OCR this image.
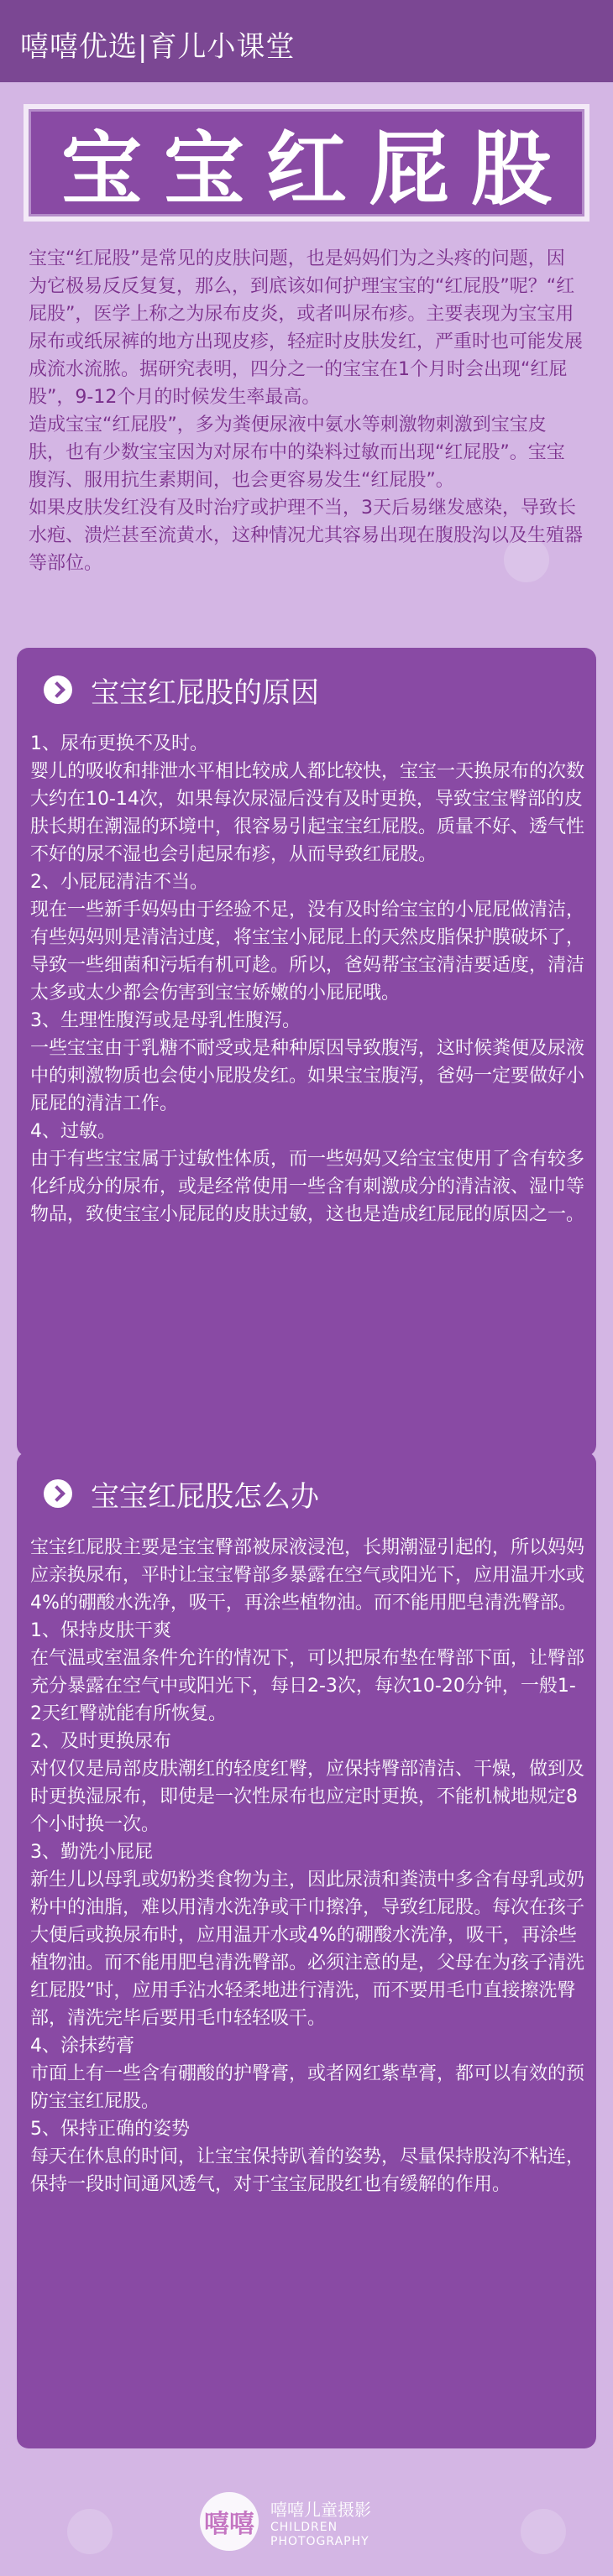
嘻嘻优选|育儿小课堂
宝宝红屁股

宝宝“红屁股”是常见的皮肤问题，也是妈妈们为之头疼的问题，因为它极易反反复复，那么，到底该如何护理宝宝的“红屁股”呢？“红屁股”，医学上称之为尿布皮炎，或者叫尿布疹。主要表现为宝宝用尿布或纸尿裤的地方出现皮疹，轻症时皮肤发红，严重时也可能发展成流水流脓。据研究表明，四分之一的宝宝在1个月时会出现“红屁股”，9-12个月的时候发生率最高。

造成宝宝“红屁股”，多为粪便尿液中氨水等刺激物刺激到宝宝皮肤，也有少数宝宝因为对尿布中的染料过敏而出现“红屁股”。宝宝腹泻、服用抗生素期间，也会更容易发生“红屁股”。

如果皮肤发红没有及时治疗或护理不当，3天后易继发感染，导致长水疱、溃烂甚至流黄水，这种情况尤其容易出现在腹股沟以及生殖器等部位。

宝宝红屁股的原因

1、尿布更换不及时。

婴儿的吸收和排泄水平相比较成人都比较快，宝宝一天换尿布的次数大约在10-14次，如果每次尿湿后没有及时更换，导致宝宝臀部的皮肤长期在潮湿的环境中，很容易引起宝宝红屁股。质量不好、透气性不好的尿不湿也会引起尿布疹，从而导致红屁股。

2、小屁屁清洁不当。

现在一些新手妈妈由于经验不足，没有及时给宝宝的小屁屁做清洁，有些妈妈则是清洁过度，将宝宝小屁屁上的天然皮脂保护膜破坏了，导致一些细菌和污垢有机可趁。所以，爸妈帮宝宝清洁要适度，清洁太多或太少都会伤害到宝宝娇嫩的小屁屁哦。

3、生理性腹泻或是母乳性腹泻。

一些宝宝由于乳糖不耐受或是种种原因导致腹泻，这时候粪便及尿液中的刺激物质也会使小屁股发红。如果宝宝腹泻，爸妈一定要做好小屁屁的清洁工作。

4、过敏。

由于有些宝宝属于过敏性体质，而一些妈妈又给宝宝使用了含有较多化纤成分的尿布，或是经常使用一些含有刺激成分的清洁液、湿巾等物品，致使宝宝小屁屁的皮肤过敏，这也是造成红屁屁的原因之一。

宝宝红屁股怎么办

宝宝红屁股主要是宝宝臀部被尿液浸泡，长期潮湿引起的，所以妈妈应亲换尿布，平时让宝宝臀部多暴露在空气或阳光下，应用温开水或4%的硼酸水洗净，吸干，再涂些植物油。而不能用肥皂清洗臀部。

1、保持皮肤干爽

在气温或室温条件允许的情况下，可以把尿布垫在臀部下面，让臀部充分暴露在空气中或阳光下，每日2-3次，每次10-20分钟，一般1-2天红臀就能有所恢复。

2、及时更换尿布

对仅仅是局部皮肤潮红的轻度红臀，应保持臀部清洁、干燥，做到及时更换湿尿布，即使是一次性尿布也应定时更换，不能机械地规定8个小时换一次。

3、勤洗小屁屁

新生儿以母乳或奶粉类食物为主，因此尿渍和粪渍中多含有母乳或奶粉中的油脂，难以用清水洗净或干巾擦净，导致红屁股。每次在孩子大便后或换尿布时，应用温开水或4%的硼酸水洗净，吸干，再涂些植物油。而不能用肥皂清洗臀部。必须注意的是，父母在为孩子清洗红屁股”时，应用手沾水轻柔地进行清洗，而不要用毛巾直接擦洗臀部，清洗完毕后要用毛巾轻轻吸干。

4、涂抹药膏

市面上有一些含有硼酸的护臀膏，或者网红紫草膏，都可以有效的预防宝宝红屁股。

5、保持正确的姿势

每天在休息的时间，让宝宝保持趴着的姿势，尽量保持股沟不粘连，保持一段时间通风透气，对于宝宝屁股红也有缓解的作用。

嘻嘻 嘻嘻儿童摄影
CHILDREN
PHOTOGRAPHY
